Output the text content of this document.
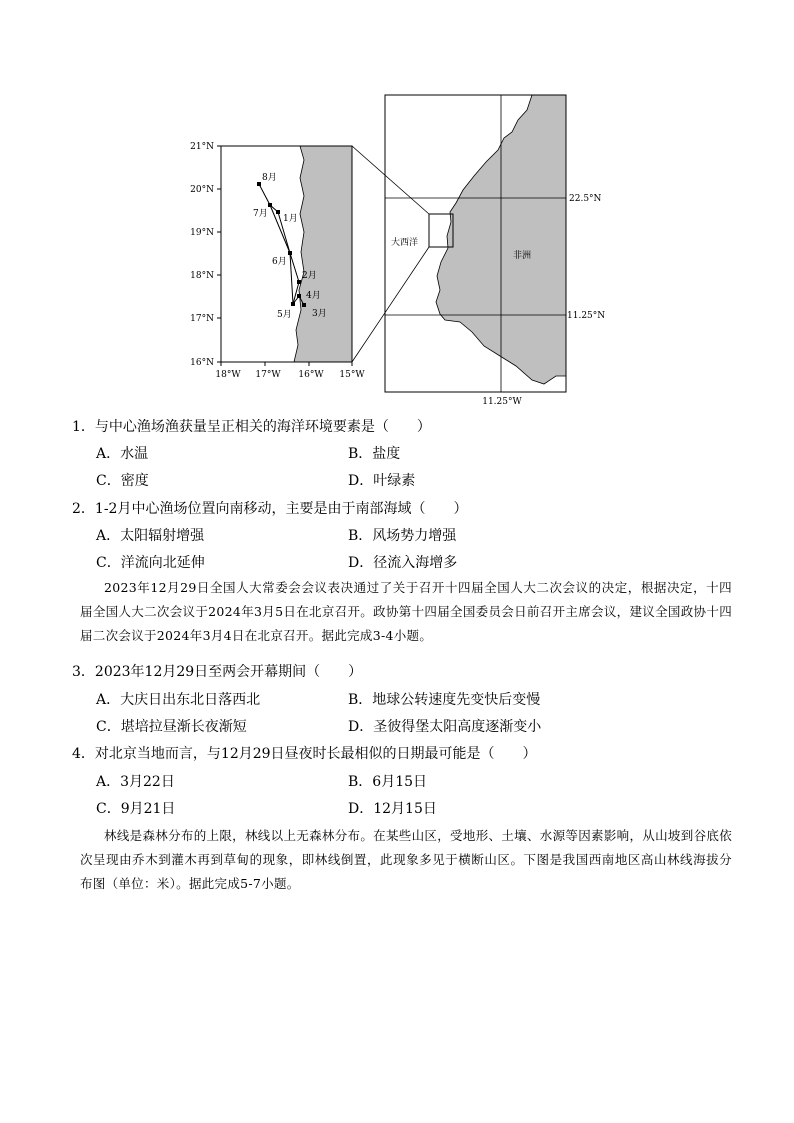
21°N
20°N
19°N
18°N
17°N
16°N
18°W 17°W 16°W 15°W
8月
7月 1月
6月
2月
4月
5月 3月
大西洋
非洲
22.5°N
11.25°N
11.25°W
1．与中心渔场渔获量呈正相关的海洋环境要素是（　　）
A．水温	B．盐度
C．密度	D．叶绿素
2．1-2月中心渔场位置向南移动，主要是由于南部海域（　　）
A．太阳辐射增强	B．风场势力增强
C．洋流向北延伸	D．径流入海增多
2023年12月29日全国人大常委会会议表决通过了关于召开十四届全国人大二次会议的决定，根据决定，十四届全国人大二次会议于2024年3月5日在北京召开。政协第十四届全国委员会日前召开主席会议，建议全国政协十四届二次会议于2024年3月4日在北京召开。据此完成3-4小题。
3．2023年12月29日至两会开幕期间（　　）
A．大庆日出东北日落西北	B．地球公转速度先变快后变慢
C．堪培拉昼渐长夜渐短	D．圣彼得堡太阳高度逐渐变小
4．对北京当地而言，与12月29日昼夜时长最相似的日期最可能是（　　）
A．3月22日	B．6月15日
C．9月21日	D．12月15日
林线是森林分布的上限，林线以上无森林分布。在某些山区，受地形、土壤、水源等因素影响，从山坡到谷底依次呈现由乔木到灌木再到草甸的现象，即林线倒置，此现象多见于横断山区。下图是我国西南地区高山林线海拔分布图（单位：米）。据此完成5-7小题。
